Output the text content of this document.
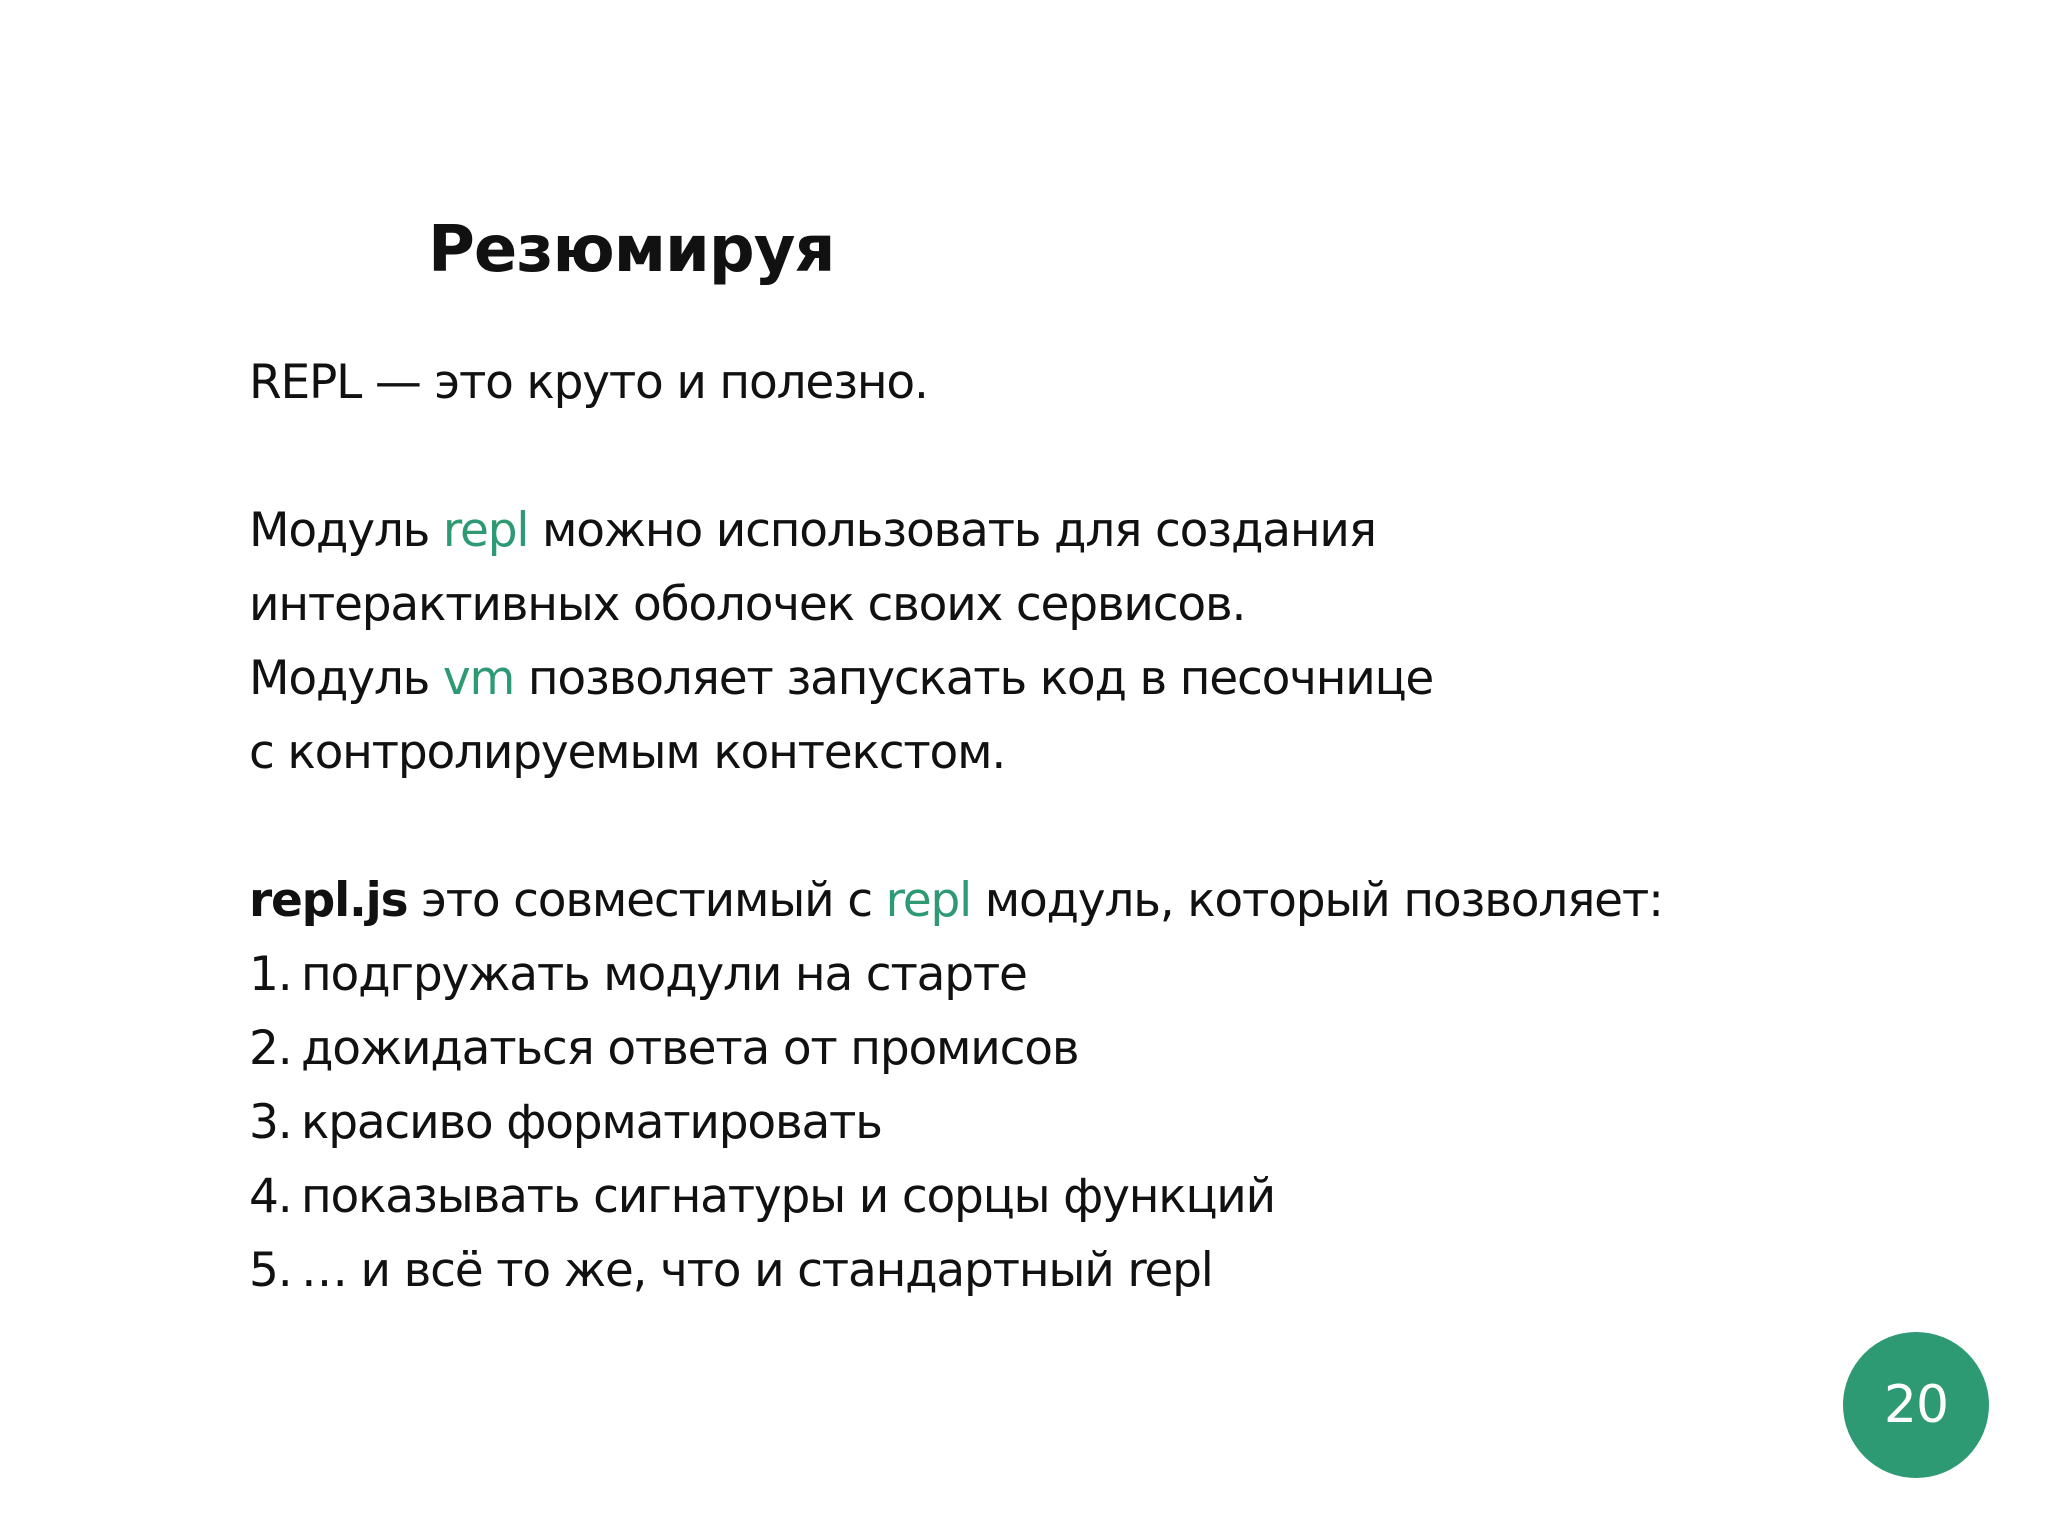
Резюмируя
REPL — это круто и полезно.
Модуль repl можно использовать для создания
интерактивных оболочек своих сервисов.
Модуль vm позволяет запускать код в песочнице
с контролируемым контекстом.
repl.js это совместимый с repl модуль, который позволяет:
1. подгружать модули на старте
2. дожидаться ответа от промисов
3. красиво форматировать
4. показывать сигнатуры и сорцы функций
5. … и всё то же, что и стандартный repl
20
